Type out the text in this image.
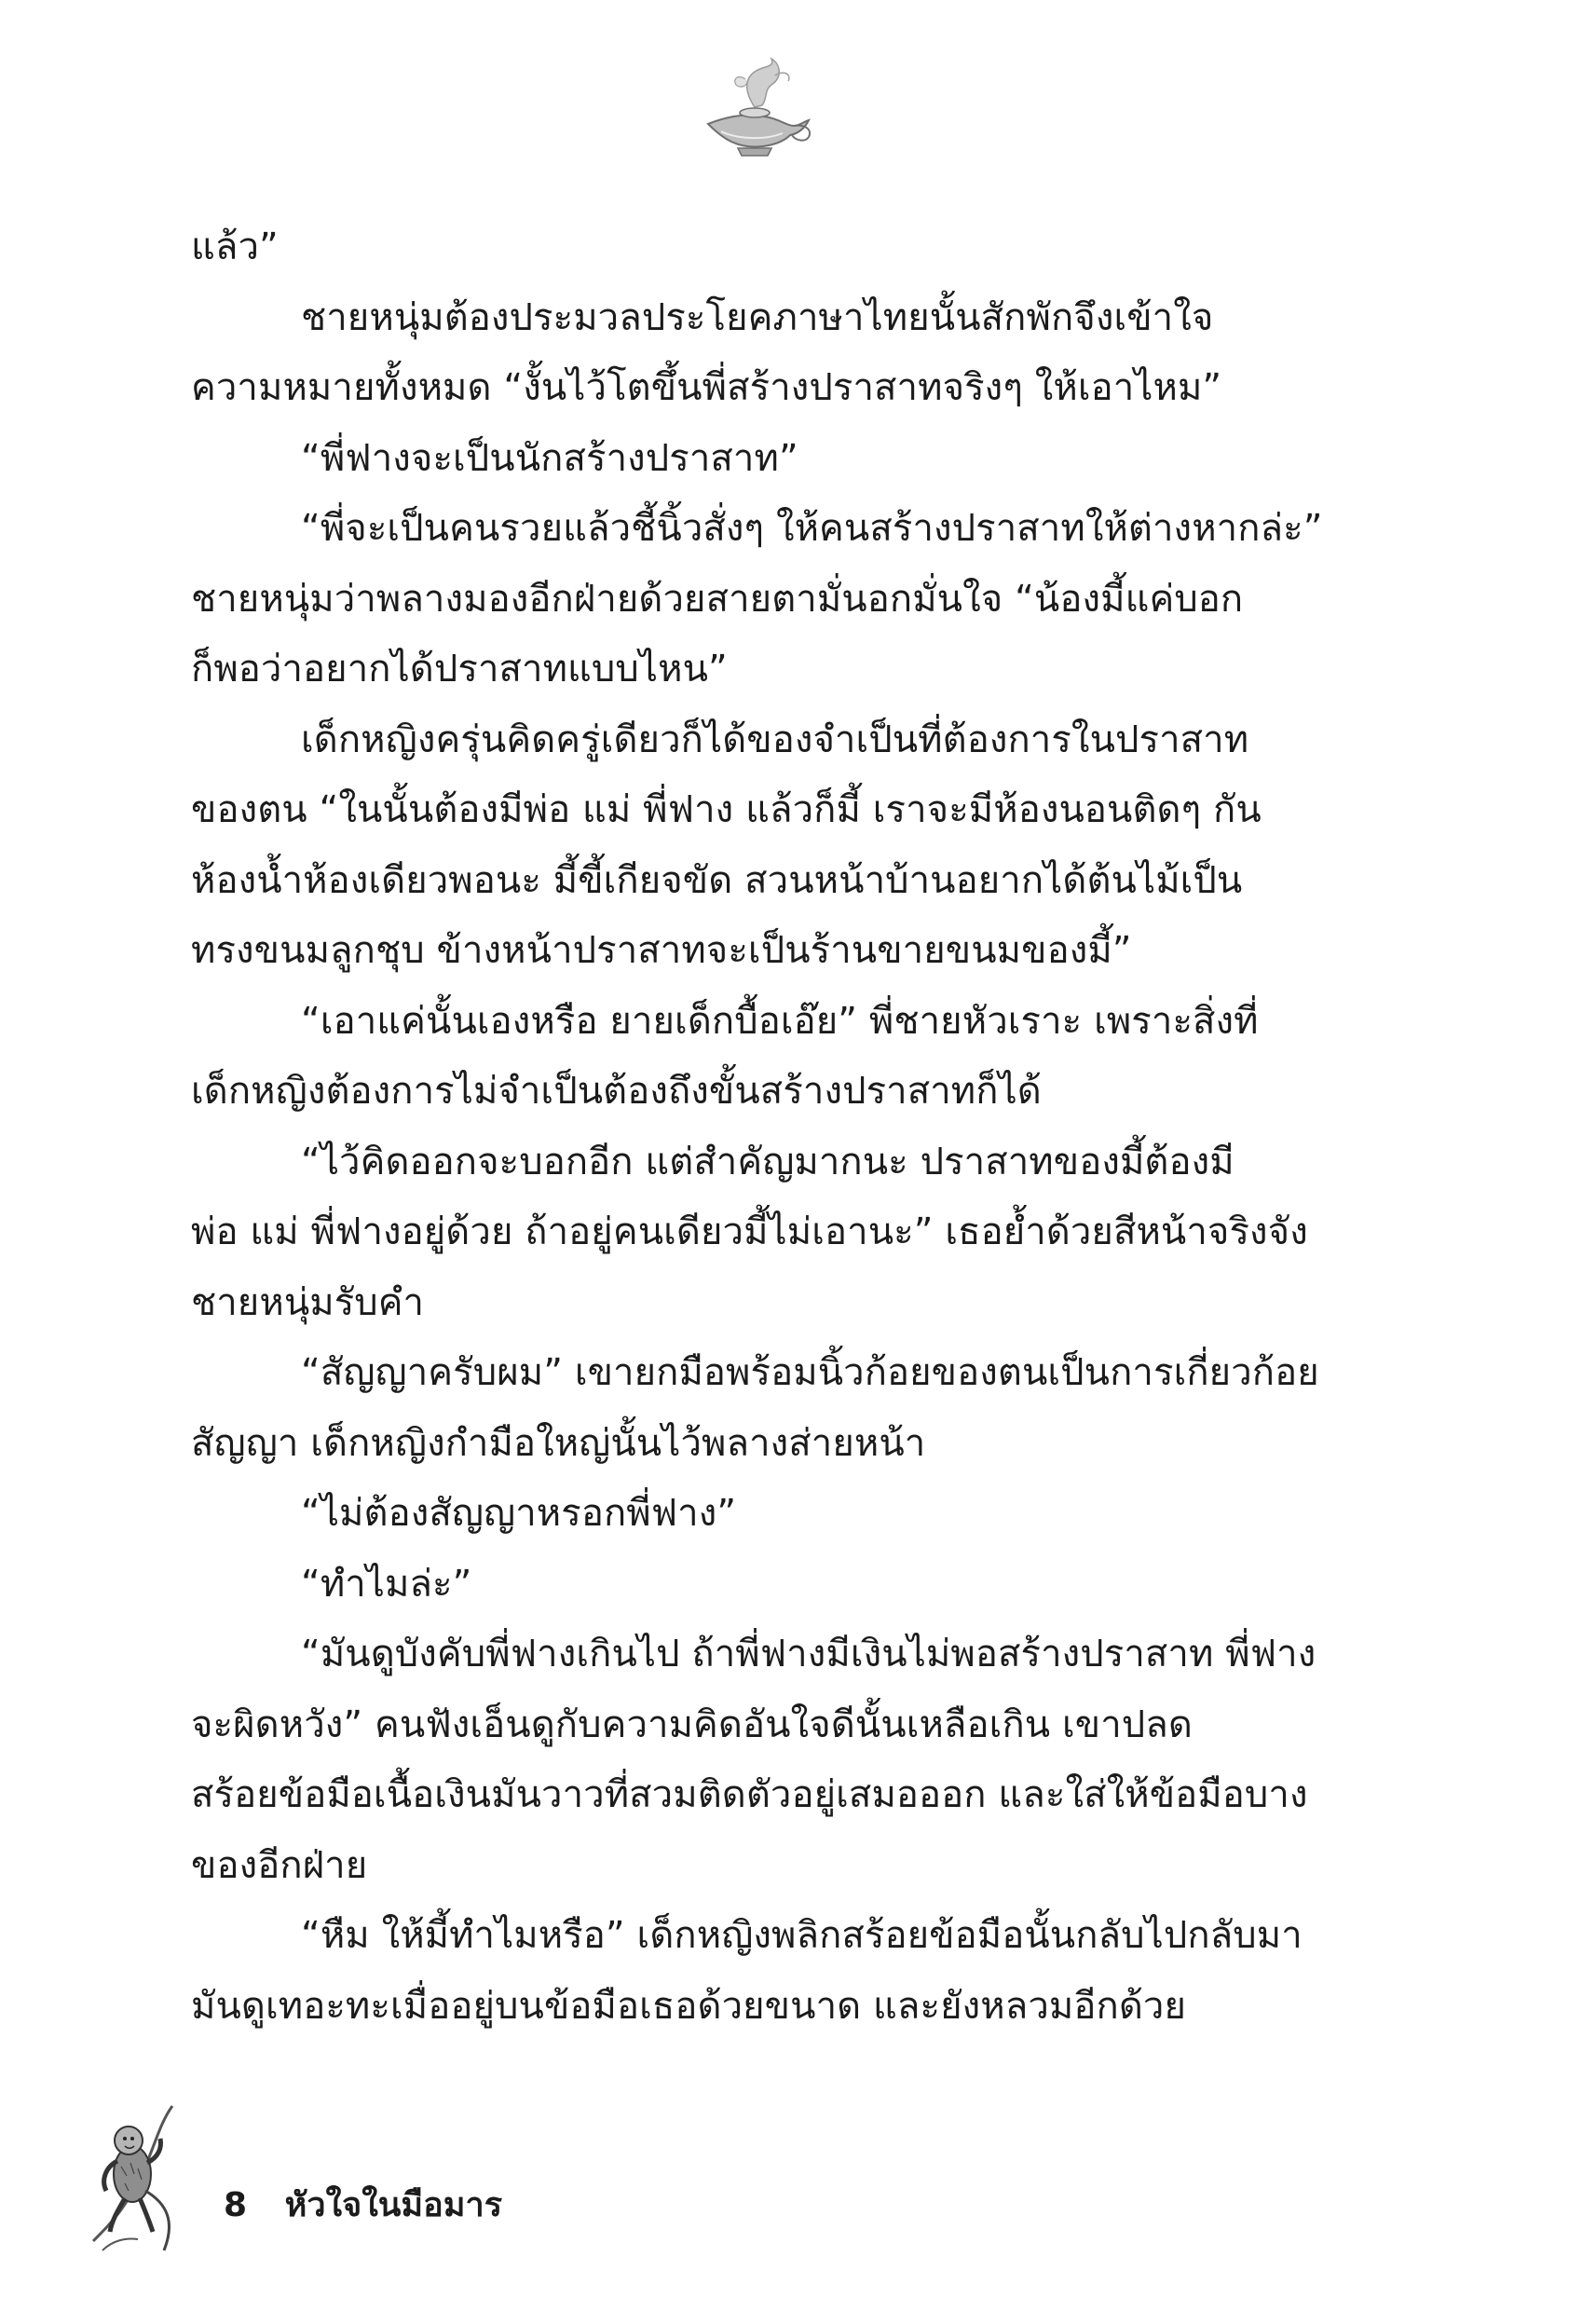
แล้ว”
ชายหนุ่มต้องประมวลประโยคภาษาไทยนั้นสักพักจึงเข้าใจ
ความหมายทั้งหมด “งั้นไว้โตขึ้นพี่สร้างปราสาทจริงๆ ให้เอาไหม”
“พี่ฟางจะเป็นนักสร้างปราสาท”
“พี่จะเป็นคนรวยแล้วชี้นิ้วสั่งๆ ให้คนสร้างปราสาทให้ต่างหากล่ะ”
ชายหนุ่มว่าพลางมองอีกฝ่ายด้วยสายตามั่นอกมั่นใจ “น้องมี้แค่บอก
ก็พอว่าอยากได้ปราสาทแบบไหน”
เด็กหญิงครุ่นคิดครู่เดียวก็ได้ของจำเป็นที่ต้องการในปราสาท
ของตน “ในนั้นต้องมีพ่อ แม่ พี่ฟาง แล้วก็มี้ เราจะมีห้องนอนติดๆ กัน
ห้องน้ำห้องเดียวพอนะ มี้ขี้เกียจขัด สวนหน้าบ้านอยากได้ต้นไม้เป็น
ทรงขนมลูกชุบ ข้างหน้าปราสาทจะเป็นร้านขายขนมของมี้”
“เอาแค่นั้นเองหรือ ยายเด็กบื้อเอ๊ย” พี่ชายหัวเราะ เพราะสิ่งที่
เด็กหญิงต้องการไม่จำเป็นต้องถึงขั้นสร้างปราสาทก็ได้
“ไว้คิดออกจะบอกอีก แต่สำคัญมากนะ ปราสาทของมี้ต้องมี
พ่อ แม่ พี่ฟางอยู่ด้วย ถ้าอยู่คนเดียวมี้ไม่เอานะ” เธอย้ำด้วยสีหน้าจริงจัง
ชายหนุ่มรับคำ
“สัญญาครับผม” เขายกมือพร้อมนิ้วก้อยของตนเป็นการเกี่ยวก้อย
สัญญา เด็กหญิงกำมือใหญ่นั้นไว้พลางส่ายหน้า
“ไม่ต้องสัญญาหรอกพี่ฟาง”
“ทำไมล่ะ”
“มันดูบังคับพี่ฟางเกินไป ถ้าพี่ฟางมีเงินไม่พอสร้างปราสาท พี่ฟาง
จะผิดหวัง” คนฟังเอ็นดูกับความคิดอันใจดีนั้นเหลือเกิน เขาปลด
สร้อยข้อมือเนื้อเงินมันวาวที่สวมติดตัวอยู่เสมอออก และใส่ให้ข้อมือบาง
ของอีกฝ่าย
“หืม ให้มี้ทำไมหรือ” เด็กหญิงพลิกสร้อยข้อมือนั้นกลับไปกลับมา
มันดูเทอะทะเมื่ออยู่บนข้อมือเธอด้วยขนาด และยังหลวมอีกด้วย
8 หัวใจในมือมาร
